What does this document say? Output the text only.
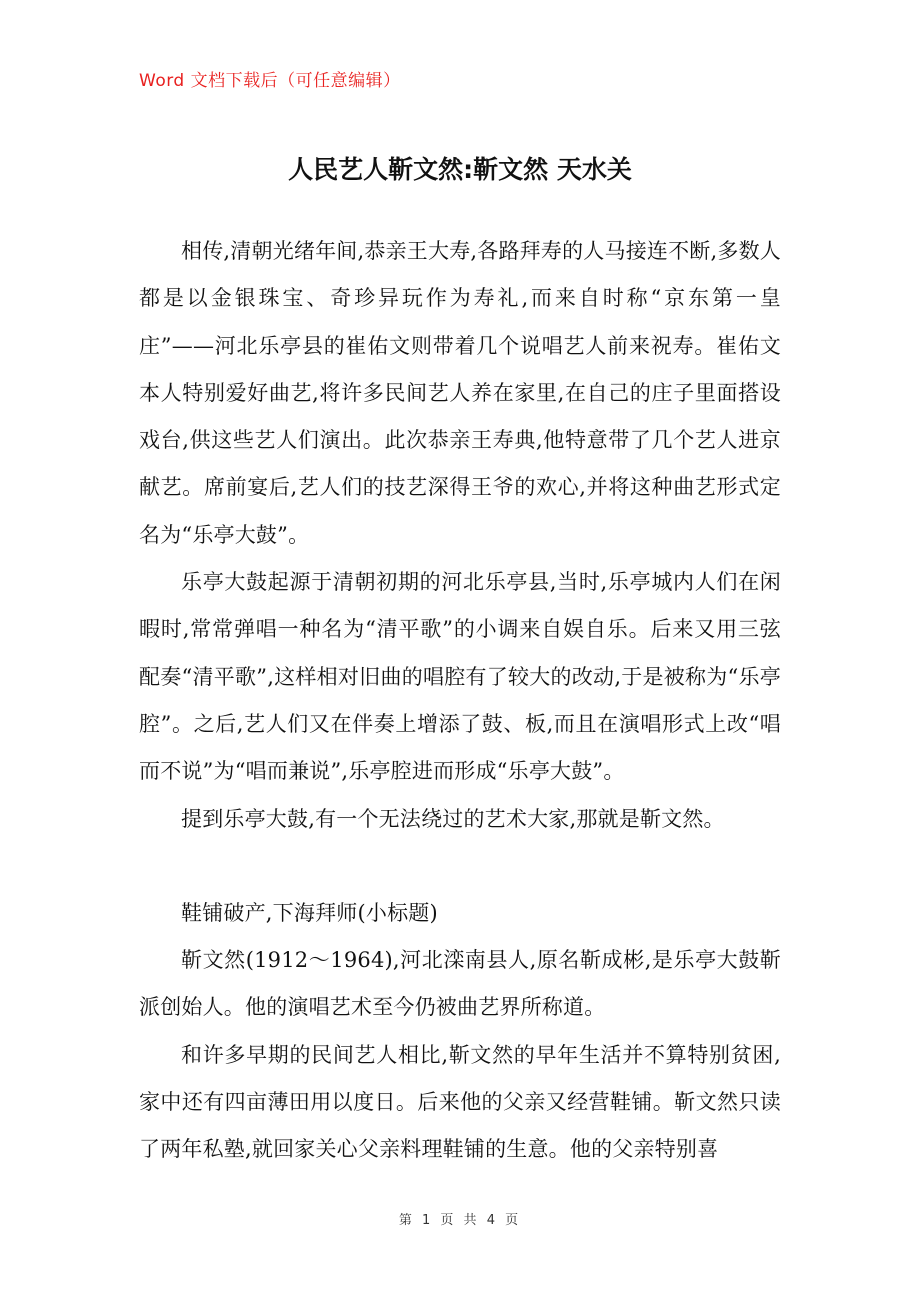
Word 文档下载后（可任意编辑）
人民艺人靳文然:靳文然 天水关

相传,清朝光绪年间,恭亲王大寿,各路拜寿的人马接连不断,多数人都是以金银珠宝、奇珍异玩作为寿礼,而来自时称“京东第一皇庄”——河北乐亭县的崔佑文则带着几个说唱艺人前来祝寿。崔佑文本人特别爱好曲艺,将许多民间艺人养在家里,在自己的庄子里面搭设戏台,供这些艺人们演出。此次恭亲王寿典,他特意带了几个艺人进京献艺。席前宴后,艺人们的技艺深得王爷的欢心,并将这种曲艺形式定名为“乐亭大鼓”。

乐亭大鼓起源于清朝初期的河北乐亭县,当时,乐亭城内人们在闲暇时,常常弹唱一种名为“清平歌”的小调来自娱自乐。后来又用三弦配奏“清平歌”,这样相对旧曲的唱腔有了较大的改动,于是被称为“乐亭腔”。之后,艺人们又在伴奏上增添了鼓、板,而且在演唱形式上改“唱而不说”为“唱而兼说”,乐亭腔进而形成“乐亭大鼓”。

提到乐亭大鼓,有一个无法绕过的艺术大家,那就是靳文然。

鞋铺破产,下海拜师(小标题)

靳文然(1912～1964),河北滦南县人,原名靳成彬,是乐亭大鼓靳派创始人。他的演唱艺术至今仍被曲艺界所称道。

和许多早期的民间艺人相比,靳文然的早年生活并不算特别贫困,家中还有四亩薄田用以度日。后来他的父亲又经营鞋铺。靳文然只读了两年私塾,就回家关心父亲料理鞋铺的生意。他的父亲特别喜

第 1 页 共 4 页
